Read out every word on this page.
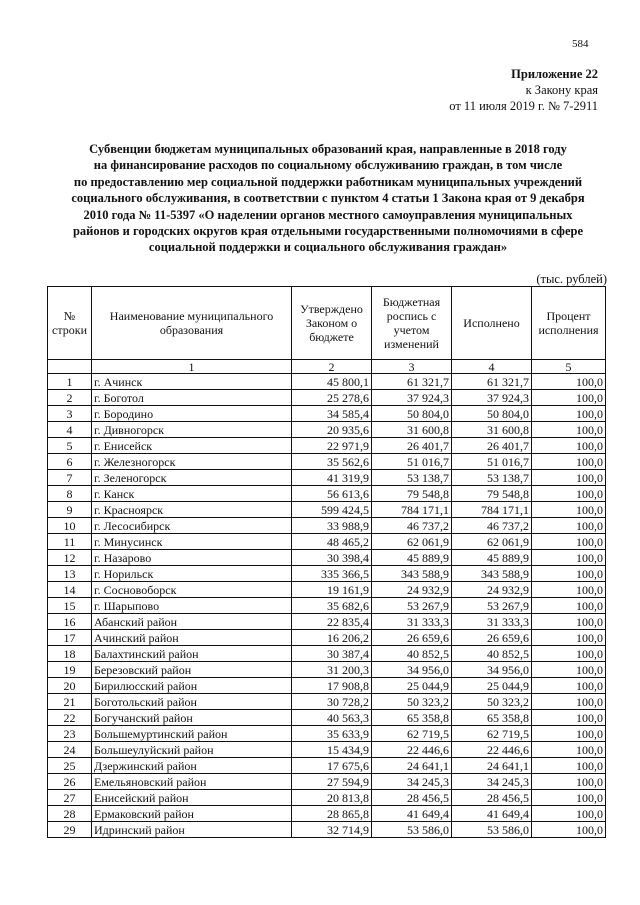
584
Приложение 22
к Закону края
от 11 июля 2019 г. № 7-2911
Субвенции бюджетам муниципальных образований края, направленные в 2018 году
на финансирование расходов по социальному обслуживанию граждан, в том числе
по предоставлению мер социальной поддержки работникам муниципальных учреждений
социального обслуживания, в соответствии с пунктом 4 статьи 1 Закона края от 9 декабря
2010 года № 11-5397 «О наделении органов местного самоуправления муниципальных
районов и городских округов края отдельными государственными полномочиями в сфере
социальной поддержки и социального обслуживания граждан»
(тыс. рублей)
№ строки	Наименование муниципального образования	Утверждено Законом о бюджете	Бюджетная роспись с учетом изменений	Исполнено	Процент исполнения
	1	2	3	4	5
1	г. Ачинск	45 800,1	61 321,7	61 321,7	100,0
2	г. Боготол	25 278,6	37 924,3	37 924,3	100,0
3	г. Бородино	34 585,4	50 804,0	50 804,0	100,0
4	г. Дивногорск	20 935,6	31 600,8	31 600,8	100,0
5	г. Енисейск	22 971,9	26 401,7	26 401,7	100,0
6	г. Железногорск	35 562,6	51 016,7	51 016,7	100,0
7	г. Зеленогорск	41 319,9	53 138,7	53 138,7	100,0
8	г. Канск	56 613,6	79 548,8	79 548,8	100,0
9	г. Красноярск	599 424,5	784 171,1	784 171,1	100,0
10	г. Лесосибирск	33 988,9	46 737,2	46 737,2	100,0
11	г. Минусинск	48 465,2	62 061,9	62 061,9	100,0
12	г. Назарово	30 398,4	45 889,9	45 889,9	100,0
13	г. Норильск	335 366,5	343 588,9	343 588,9	100,0
14	г. Сосновоборск	19 161,9	24 932,9	24 932,9	100,0
15	г. Шарыпово	35 682,6	53 267,9	53 267,9	100,0
16	Абанский район	22 835,4	31 333,3	31 333,3	100,0
17	Ачинский район	16 206,2	26 659,6	26 659,6	100,0
18	Балахтинский район	30 387,4	40 852,5	40 852,5	100,0
19	Березовский район	31 200,3	34 956,0	34 956,0	100,0
20	Бирилюсский район	17 908,8	25 044,9	25 044,9	100,0
21	Боготольский район	30 728,2	50 323,2	50 323,2	100,0
22	Богучанский район	40 563,3	65 358,8	65 358,8	100,0
23	Большемуртинский район	35 633,9	62 719,5	62 719,5	100,0
24	Большеулуйский район	15 434,9	22 446,6	22 446,6	100,0
25	Дзержинский район	17 675,6	24 641,1	24 641,1	100,0
26	Емельяновский район	27 594,9	34 245,3	34 245,3	100,0
27	Енисейский район	20 813,8	28 456,5	28 456,5	100,0
28	Ермаковский район	28 865,8	41 649,4	41 649,4	100,0
29	Идринский район	32 714,9	53 586,0	53 586,0	100,0
